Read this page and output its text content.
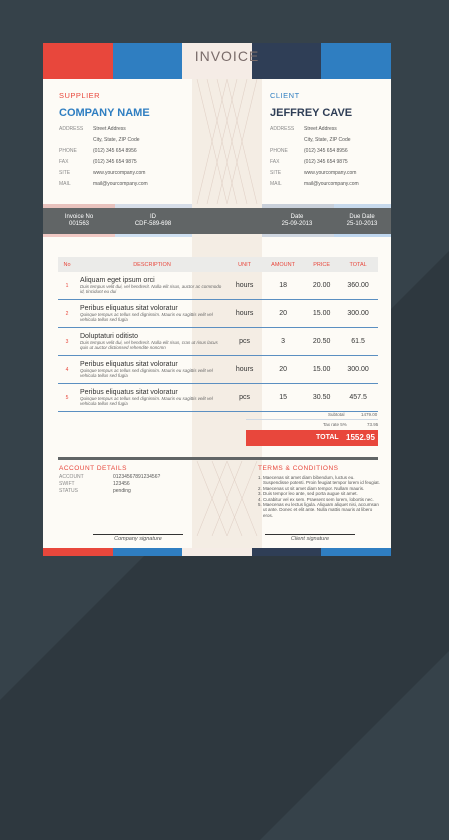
INVOICE
SUPPLIER
COMPANY NAME
ADDRESS Street Address
City, State, ZIP Code
PHONE	(012) 345 654 8956
FAX	(012) 345 654 9875
SITE	www.yourcompany.com
MAIL	mail@yourcompany.com
CLIENT
JEFFREY CAVE
ADDRESS Street Address
City, State, ZIP Code
PHONE	(012) 345 654 8956
FAX	(012) 345 654 9875
SITE	www.yourcompany.com
MAIL	mail@yourcompany.com
Invoice No
001563
ID
CDF-589-698
Date
25-09-2013
Due Date
25-10-2013
No	DESCRIPTION	UNIT	AMOUNT	PRICE	TOTAL
1	Aliquam eget ipsum orci
Duis tempus velit dui, vel hendrerit. Nulla elit risus, auctor ac commodo id, tincidunt eu dui	hours	18	20.00	360.00
2	Peribus eliquatus sitat voloratur
Quisque tempus ac tellus sed dignissim. Mauris eu sagittis velit vel vehicula tellus sed fugia	hours	20	15.00	300.00
3	Doluptaturi oditisto
Duis tempus velit dui, vel hendrerit. Nulla elit risus, cras ut risus lacus quis ut auctor dictionsed rehendite noncmn	pcs	3	20.50	61.5
4	Peribus eliquatus sitat voloratur
Quisque tempus ac tellus sed dignissim. Mauris eu sagittis velit vel vehicula tellus sed fugia	hours	20	15.00	300.00
5	Peribus eliquatus sitat voloratur
Quisque tempus ac tellus sed dignissim. Mauris eu sagittis velit vel vehicula tellus sed fugia	pcs	15	30.50	457.5
Subtotal	1479.00
Tax rate 5%	73.95
TOTAL 1552.95
ACCOUNT DETAILS
ACCOUNT	0123456789123456?
SWIFT	123456
STATUS	pending
TERMS & CONDITIONS
1. Maecenas sit amet diam bibendum, luctus eu. Suspendisse potenti. Proin feugiat tempor lorem id feugiat.
2. Maecenas ut sit amet diam tempor. Nullam mauris.
3. Duis tempor leo ante, sed porta augue sit amet.
4. Curabitur vel ex sem. Praesent sem lorem, lobortis nec.
5. Maecenas eu lectus ligula. Aliquam aliquet nisi, accumsan ut ante. Donec et elit ante. Nulla mattis mauris at libero eros.
Company signature	Client signature
